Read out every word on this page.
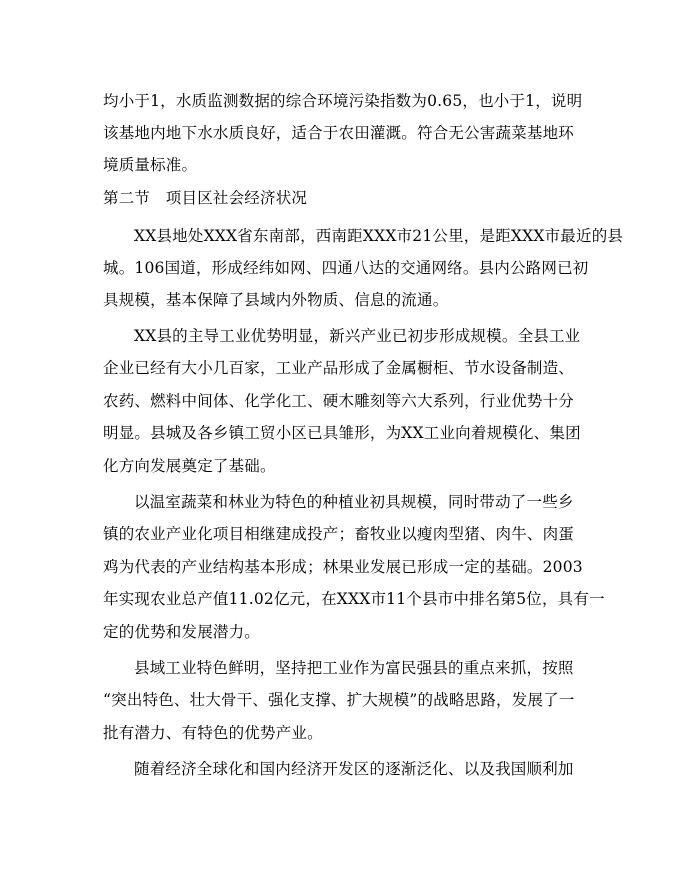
均小于1，水质监测数据的综合环境污染指数为0.65，也小于1，说明
该基地内地下水水质良好，适合于农田灌溉。符合无公害蔬菜基地环
境质量标准。
第二节　项目区社会经济状况
XX县地处XXX省东南部，西南距XXX市21公里，是距XXX市最近的县
城。106国道，形成经纬如网、四通八达的交通网络。县内公路网已初
具规模，基本保障了县域内外物质、信息的流通。
XX县的主导工业优势明显，新兴产业已初步形成规模。全县工业
企业已经有大小几百家，工业产品形成了金属橱柜、节水设备制造、
农药、燃料中间体、化学化工、硬木雕刻等六大系列，行业优势十分
明显。县城及各乡镇工贸小区已具雏形，为XX工业向着规模化、集团
化方向发展奠定了基础。
以温室蔬菜和林业为特色的种植业初具规模，同时带动了一些乡
镇的农业产业化项目相继建成投产；畜牧业以瘦肉型猪、肉牛、肉蛋
鸡为代表的产业结构基本形成；林果业发展已形成一定的基础。2003
年实现农业总产值11.02亿元，在XXX市11个县市中排名第5位，具有一
定的优势和发展潜力。
县域工业特色鲜明，坚持把工业作为富民强县的重点来抓，按照
“突出特色、壮大骨干、强化支撑、扩大规模”的战略思路，发展了一
批有潜力、有特色的优势产业。
随着经济全球化和国内经济开发区的逐渐泛化、以及我国顺利加
